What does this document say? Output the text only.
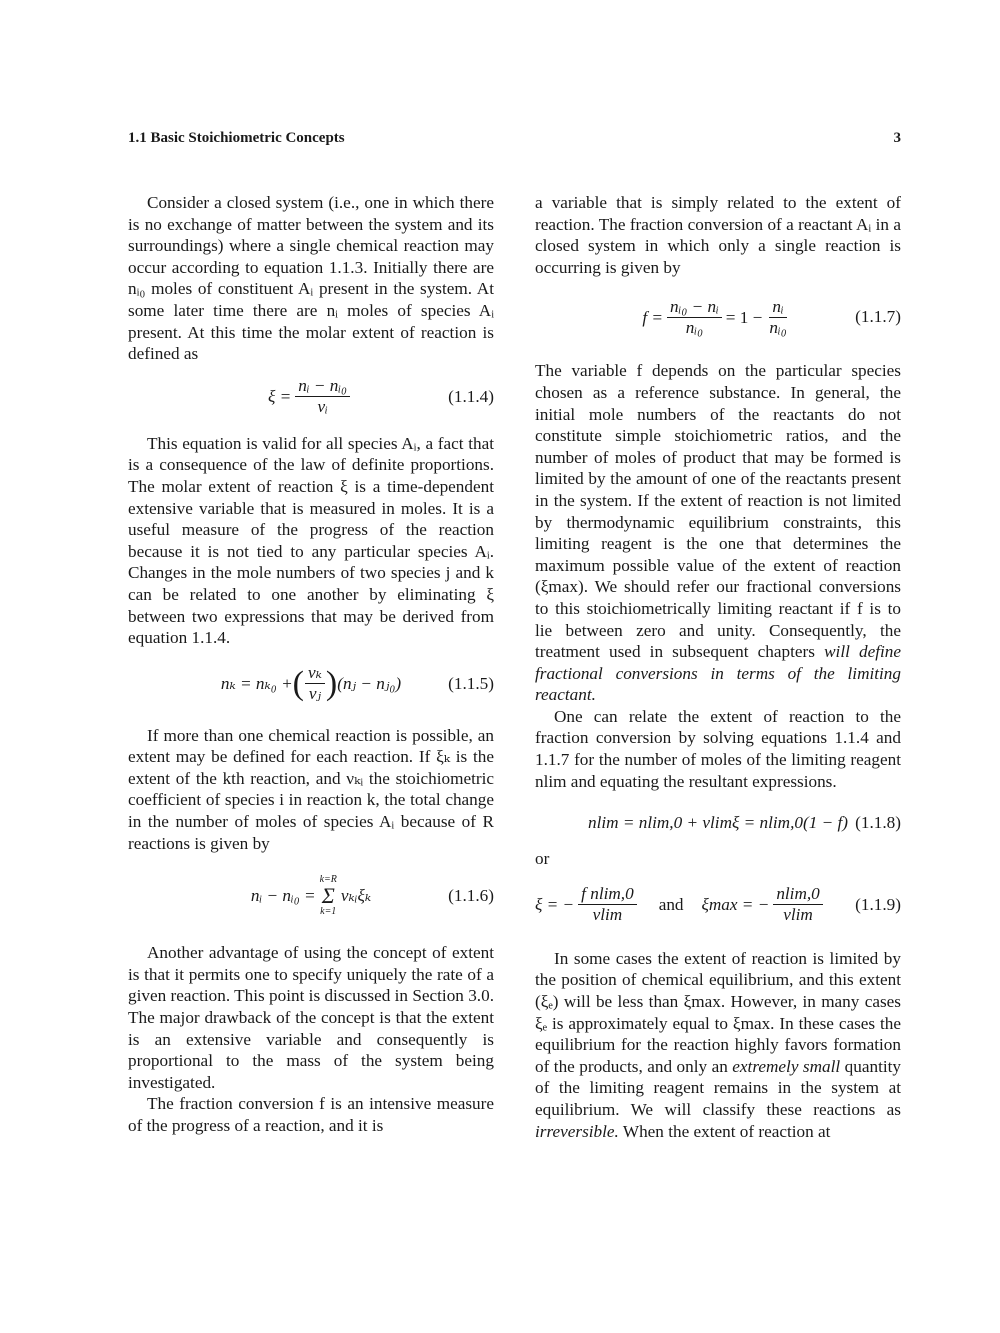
1.1 Basic Stoichiometric Concepts	3

Consider a closed system (i.e., one in which there is no exchange of matter between the system and its surroundings) where a single chemical reaction may occur according to equation 1.1.3. Initially there are nᵢ₀ moles of constituent Aᵢ present in the system. At some later time there are nᵢ moles of species Aᵢ present. At this time the molar extent of reaction is defined as

$\xi = \frac{\text{nᵢ − nᵢ₀}}{\text{νᵢ}}$	(1.1.4)

This equation is valid for all species Aᵢ, a fact that is a consequence of the law of definite proportions. The molar extent of reaction ξ is a time-dependent extensive variable that is measured in moles. It is a useful measure of the progress of the reaction because it is not tied to any particular species Aᵢ. Changes in the mole numbers of two species j and k can be related to one another by eliminating ξ between two expressions that may be derived from equation 1.1.4.

nₖ = nₖ₀ + ( $\frac{\text{νₖ}}{\text{νⱼ}}$ ) (nⱼ − nⱼ₀)	(1.1.5)

If more than one chemical reaction is possible, an extent may be defined for each reaction. If ξₖ is the extent of the kth reaction, and νₖᵢ the stoichiometric coefficient of species i in reaction k, the total change in the number of moles of species Aᵢ because of R reactions is given by

nᵢ − nᵢ₀ =
k=R
Σ
k=1
νₖᵢξₖ	(1.1.6)

Another advantage of using the concept of extent is that it permits one to specify uniquely the rate of a given reaction. This point is discussed in Section 3.0. The major drawback of the concept is that the extent is an extensive variable and consequently is proportional to the mass of the system being investigated.

The fraction conversion f is an intensive measure of the progress of a reaction, and it is

a variable that is simply related to the extent of reaction. The fraction conversion of a reactant Aᵢ in a closed system in which only a single reaction is occurring is given by

$f = \frac{\text{nᵢ₀ − nᵢ}}{\text{nᵢ₀}} = 1 - \frac{\text{nᵢ}}{\text{nᵢ₀}}$	(1.1.7)

The variable f depends on the particular species chosen as a reference substance. In general, the initial mole numbers of the reactants do not constitute simple stoichiometric ratios, and the number of moles of product that may be formed is limited by the amount of one of the reactants present in the system. If the extent of reaction is not limited by thermodynamic equilibrium constraints, this limiting reagent is the one that determines the maximum possible value of the extent of reaction (ξmax). We should refer our fractional conversions to this stoichiometrically limiting reactant if f is to lie between zero and unity. Consequently, the treatment used in subsequent chapters will define fractional conversions in terms of the limiting reactant.

One can relate the extent of reaction to the fraction conversion by solving equations 1.1.4 and 1.1.7 for the number of moles of the limiting reagent nlim and equating the resultant expressions.

nlim = nlim,0 + νlimξ = nlim,0(1 − f) (1.1.8)

or

ξ = − $\frac{\text{f nlim,0}}{\nu\lim}$ and ξmax = − $\frac{nlim,0}{\nu\lim} (1.1.9)$

In some cases the extent of reaction is limited by the position of chemical equilibrium, and this extent (ξₑ) will be less than ξmax. However, in many cases ξₑ is approximately equal to ξmax. In these cases the equilibrium for the reaction highly favors formation of the products, and only an extremely small quantity of the limiting reagent remains in the system at equilibrium. We will classify these reactions as irreversible. When the extent of reaction at
